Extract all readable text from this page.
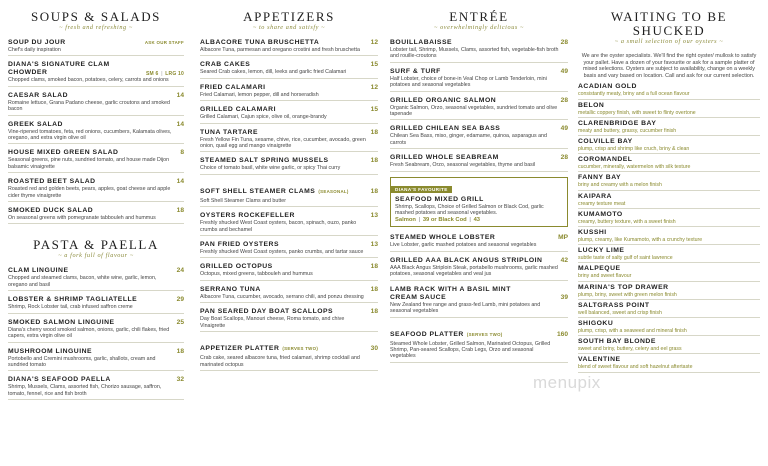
SOUPS & SALADS
~ fresh and refreshing ~
SOUP DU JOUR	ASK OUR STAFF
Chef's daily inspiration
DIANA'S SIGNATURE CLAM CHOWDER	SM 6 | LRG 10
Chopped clams, smoked bacon, potatoes, celery, carrots and onions
CAESAR SALAD	14
Romaine lettuce, Grana Padano cheese, garlic croutons and smoked bacon
GREEK SALAD	14
Vine-ripened tomatoes, feta, red onions, cucumbers, Kalamata olives, oregano, and extra virgin olive oil
HOUSE MIXED GREEN SALAD	8
Seasonal greens, pine nuts, sundried tomato, and house made Dijon balsamic vinaigrette
ROASTED BEET SALAD	14
Roasted red and golden beets, pears, apples, goat cheese and apple cider thyme vinaigrette
SMOKED DUCK SALAD	18
On seasonal greens with pomegranate tabbouleh and hummus
PASTA & PAELLA
~ a fork full of flavour ~
CLAM LINGUINE	24
Chopped and steamed clams, bacon, white wine, garlic, lemon, oregano and basil
LOBSTER & SHRIMP TAGLIATELLE	29
Shrimp, Rock Lobster tail, crab infused saffron creme
SMOKED SALMON LINGUINE	25
Diana's cherry wood smoked salmon, onions, garlic, chili flakes, fried capers, extra virgin olive oil
MUSHROOM LINGUINE	18
Portobello and Cremini mushrooms, garlic, shallots, cream and sundried tomato
DIANA'S SEAFOOD PAELLA	32
Shrimp, Mussels, Clams, assorted fish, Chorizo sausage, saffron, tomato, fennel, rice and fish broth
APPETIZERS
~ to share and satisfy ~
ALBACORE TUNA BRUSCHETTA	12
Albacore Tuna, parmesan and oregano crostini and fresh bruschetta
CRAB CAKES	15
Seared Crab cakes, lemon, dill, leeks and garlic fried Calamari
FRIED CALAMARI	12
Fried Calamari, lemon pepper, dill and horseradish
GRILLED CALAMARI	15
Grilled Calamari, Cajun spice, olive oil, orange-brandy
TUNA TARTARE	18
Fresh Yellow Fin Tuna, sesame, chive, rice, cucumber, avocado, green onion, quail egg and mango vinaigrette
STEAMED SALT SPRING MUSSELS	18
Choice of tomato basil, white wine garlic, or spicy Thai curry
SOFT SHELL STEAMER CLAMS (SEASONAL)	18
Soft Shell Steamer Clams and butter
OYSTERS ROCKEFELLER	13
Freshly shucked West Coast oysters, bacon, spinach, ouzo, panko crumbs and bechamel
PAN FRIED OYSTERS	13
Freshly shucked West Coast oysters, panko crumbs, and tartar sauce
GRILLED OCTOPUS	18
Octopus, mixed greens, tabbouleh and hummus
SERRANO TUNA	18
Albacore Tuna, cucumber, avocado, serrano chili, and ponzu dressing
PAN SEARED DAY BOAT SCALLOPS	18
Day Boat Scallops, Manouri cheese, Roma tomato, and chive Vinaigrette
APPETIZER PLATTER (SERVES TWO)	30
Crab cake, seared albacore tuna, fried calamari, shrimp cocktail and marinated octopus
ENTRÉE
~ overwhelmingly delicious ~
BOUILLABAISSE	28
Lobster tail, Shrimp, Mussels, Clams, assorted fish, vegetable-fish broth and rouille-croutons
SURF & TURF	49
Half Lobster, choice of bone-in Veal Chop or Lamb Tenderloin, mini potatoes and seasonal vegetables
GRILLED ORGANIC SALMON	28
Organic Salmon, Orzo, seasonal vegetables, sundried tomato and olive tapenade
GRILLED CHILEAN SEA BASS	49
Chilean Sea Bass, miso, ginger, edamame, quinoa, asparagus and carrots
GRILLED WHOLE SEABREAM	28
Fresh Seabream, Orzo, seasonal vegetables, thyme and basil
DIANA'S FAVOURITE
SEAFOOD MIXED GRILL
Shrimp, Scallops, Choice of Grilled Salmon or Black Cod, garlic mashed potatoes and seasonal vegetables.
Salmon | 39 or Black Cod | 43
STEAMED WHOLE LOBSTER	MP
Live Lobster, garlic mashed potatoes and seasonal vegetables
GRILLED AAA BLACK ANGUS STRIPLOIN	42
AAA Black Angus Striploin Steak, portabello mushrooms, garlic mashed potatoes, seasonal vegetables and veal jus
LAMB RACK WITH A BASIL MINT CREAM SAUCE	39
New Zealand free range and grass-fed Lamb, mini potatoes and seasonal vegetables
SEAFOOD PLATTER (SERVES TWO)	160
Steamed Whole Lobster, Grilled Salmon, Marinated Octopus, Grilled Shrimp, Pan-seared Scallops, Crab Legs, Orzo and seasonal vegetables
WAITING TO BE SHUCKED
~ a small selection of our oysters ~
We are the oyster specialists. We'll find the right oyster/ mullosk to satisfy your pallet. Have a dozen of your favourite or ask for a sample platter of mixed selections. Oysters are subject to availability, change on a weekly basis and vary based on location. Call and ask for our current selection.
ACADIAN GOLD
consistantly meaty, briny and a full ocean flavour
BELON
metallic coppery finish, with sweet to flinty overtone
CLARENBRIDGE BAY
meaty and buttery, grassy, cucumber finish
COLVILLE BAY
plump, crisp and shrimp like cruch, briny & clean
COROMANDEL
cucumber, minerally, watermelon with silk texture
FANNY BAY
briny and creamy with a melon finish
KAIPARA
creamy texture meat
KUMAMOTO
creamy, buttery texture, with a sweet finish
KUSSHI
plump, creamy, like Kumamoto, with a crunchy texture
LUCKY LIME
subtle taste of salty gulf of saint lawrence
MALPEQUE
briny and sweet flavour
MARINA'S TOP DRAWER
plump, briny, sweet with green melon finish
SALTGRASS POINT
well balanced, sweet and crisp finish
SHIGOKU
plump, crisp, with a seaweed and mineral finish
SOUTH BAY BLONDE
sweet and briny, buttery, celery and eel grass
VALENTINE
blend of sweet flavour and soft hazelnut aftertaste
menupix
